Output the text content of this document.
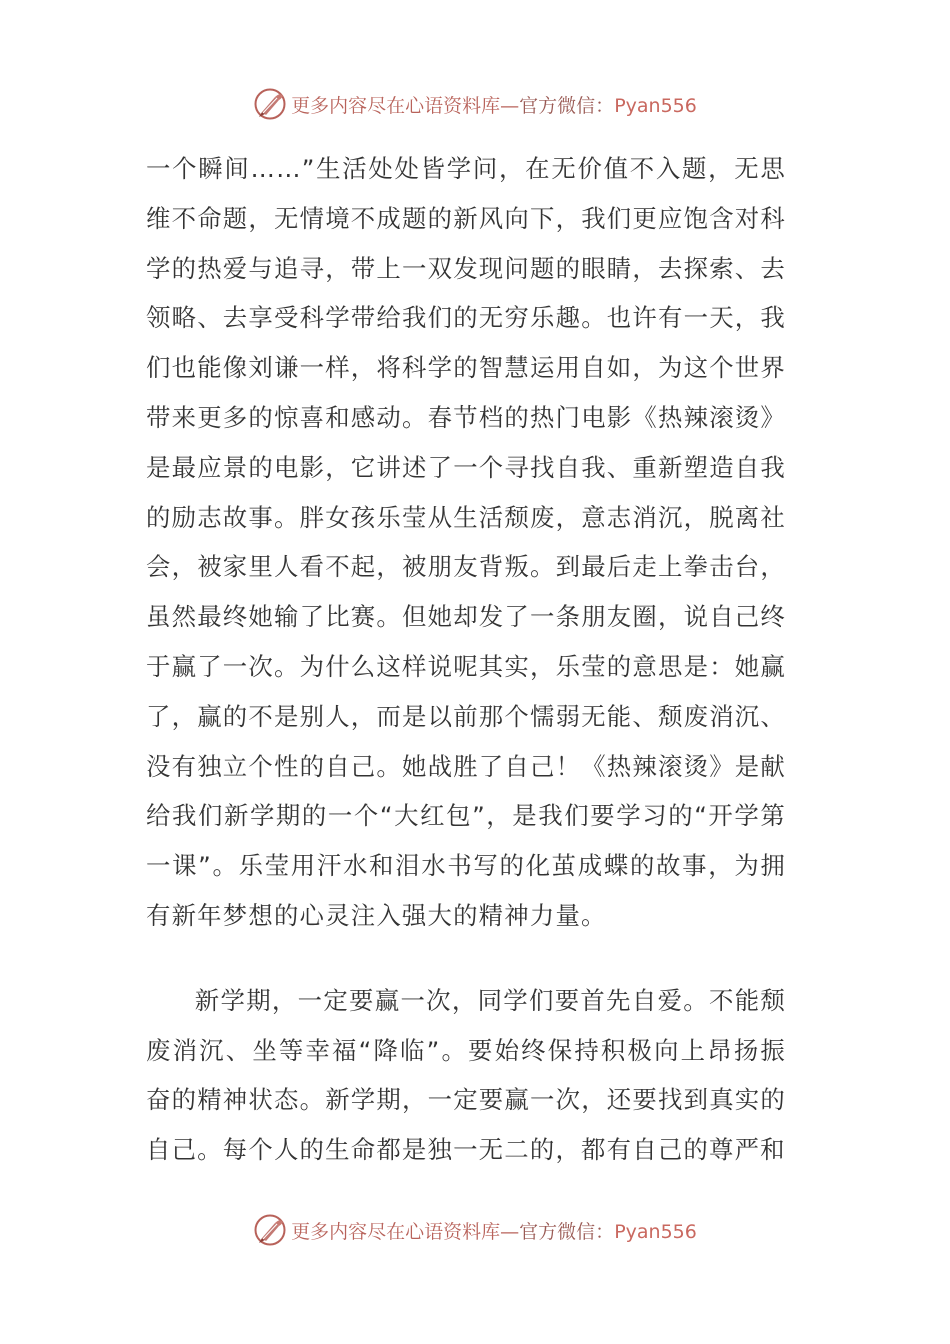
更多内容尽在心语资料库—官方微信：Pyan556

一个瞬间……”生活处处皆学问，在无价值不入题，无思维不命题，无情境不成题的新风向下，我们更应饱含对科学的热爱与追寻，带上一双发现问题的眼睛，去探索、去领略、去享受科学带给我们的无穷乐趣。也许有一天，我们也能像刘谦一样，将科学的智慧运用自如，为这个世界带来更多的惊喜和感动。春节档的热门电影《热辣滚烫》是最应景的电影，它讲述了一个寻找自我、重新塑造自我的励志故事。胖女孩乐莹从生活颓废，意志消沉，脱离社会，被家里人看不起，被朋友背叛。到最后走上拳击台，虽然最终她输了比赛。但她却发了一条朋友圈，说自己终于赢了一次。为什么这样说呢其实，乐莹的意思是：她赢了，赢的不是别人，而是以前那个懦弱无能、颓废消沉、没有独立个性的自己。她战胜了自己！《热辣滚烫》是献给我们新学期的一个“大红包”，是我们要学习的“开学第一课”。乐莹用汗水和泪水书写的化茧成蝶的故事，为拥有新年梦想的心灵注入强大的精神力量。

新学期，一定要赢一次，同学们要首先自爱。不能颓废消沉、坐等幸福“降临”。要始终保持积极向上昂扬振奋的精神状态。新学期，一定要赢一次，还要找到真实的自己。每个人的生命都是独一无二的，都有自己的尊严和

更多内容尽在心语资料库—官方微信：Pyan556
